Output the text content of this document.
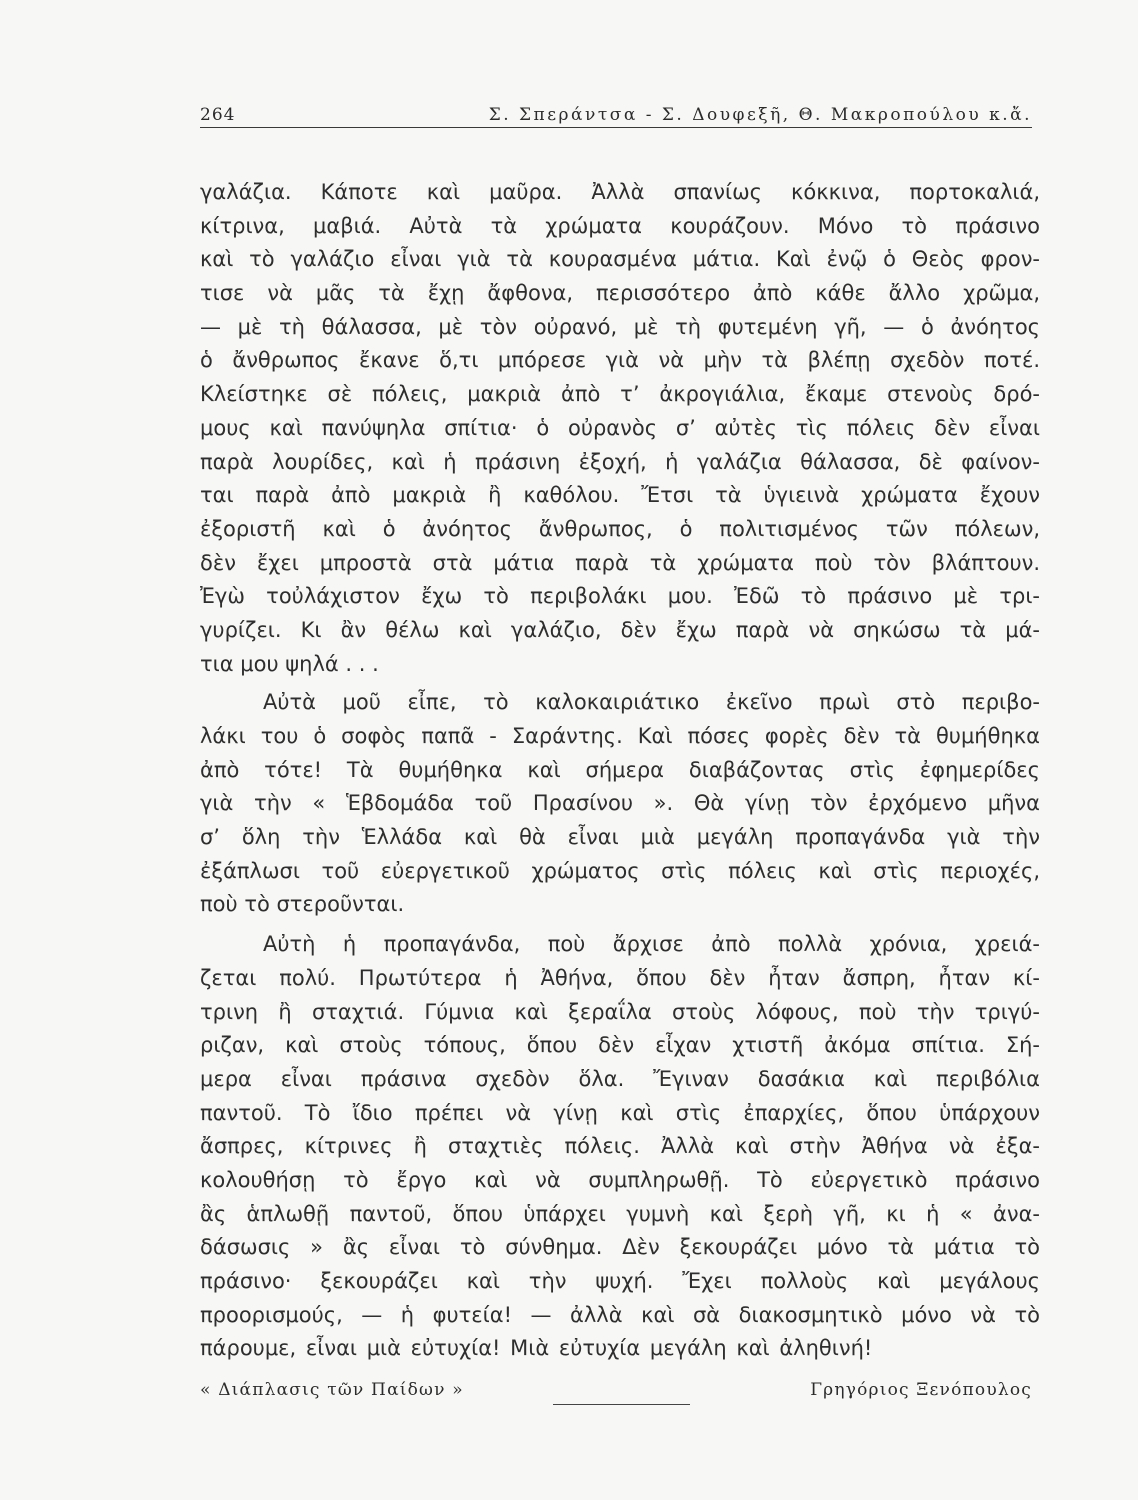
264	Σ. Σπεράντσα - Σ. Δουφεξῆ, Θ. Μακροπούλου κ.ἄ.
γαλάζια. Κάποτε καὶ μαῦρα. Ἀλλὰ σπανίως κόκκινα, πορτοκαλιά,
κίτρινα, μαβιά. Αὐτὰ τὰ χρώματα κουράζουν. Μόνο τὸ πράσινο
καὶ τὸ γαλάζιο εἶναι γιὰ τὰ κουρασμένα μάτια. Καὶ ἐνῷ ὁ Θεὸς φρον-
τισε νὰ μᾶς τὰ ἔχῃ ἄφθονα, περισσότερο ἀπὸ κάθε ἄλλο χρῶμα,
— μὲ τὴ θάλασσα, μὲ τὸν οὐρανό, μὲ τὴ φυτεμένη γῆ, — ὁ ἀνόητος
ὁ ἄνθρωπος ἔκανε ὅ,τι μπόρεσε γιὰ νὰ μὴν τὰ βλέπῃ σχεδὸν ποτέ.
Κλείστηκε σὲ πόλεις, μακριὰ ἀπὸ τ’ ἀκρογιάλια, ἔκαμε στενοὺς δρό-
μους καὶ πανύψηλα σπίτια· ὁ οὐρανὸς σ’ αὐτὲς τὶς πόλεις δὲν εἶναι
παρὰ λουρίδες, καὶ ἡ πράσινη ἐξοχή, ἡ γαλάζια θάλασσα, δὲ φαίνον-
ται παρὰ ἀπὸ μακριὰ ἢ καθόλου. Ἔτσι τὰ ὑγιεινὰ χρώματα ἔχουν
ἐξοριστῆ καὶ ὁ ἀνόητος ἄνθρωπος, ὁ πολιτισμένος τῶν πόλεων,
δὲν ἔχει μπροστὰ στὰ μάτια παρὰ τὰ χρώματα ποὺ τὸν βλάπτουν.
Ἐγὼ τοὐλάχιστον ἔχω τὸ περιβολάκι μου. Ἐδῶ τὸ πράσινο μὲ τρι-
γυρίζει. Κι ἂν θέλω καὶ γαλάζιο, δὲν ἔχω παρὰ νὰ σηκώσω τὰ μά-
τια μου ψηλά . . .
Αὐτὰ μοῦ εἶπε, τὸ καλοκαιριάτικο ἐκεῖνο πρωὶ στὸ περιβο-
λάκι του ὁ σοφὸς παπᾶ - Σαράντης. Καὶ πόσες φορὲς δὲν τὰ θυμήθηκα
ἀπὸ τότε! Τὰ θυμήθηκα καὶ σήμερα διαβάζοντας στὶς ἐφημερίδες
γιὰ τὴν « Ἑβδομάδα τοῦ Πρασίνου ». Θὰ γίνῃ τὸν ἐρχόμενο μῆνα
σ’ ὅλη τὴν Ἑλλάδα καὶ θὰ εἶναι μιὰ μεγάλη προπαγάνδα γιὰ τὴν
ἐξάπλωσι τοῦ εὐεργετικοῦ χρώματος στὶς πόλεις καὶ στὶς περιοχές,
ποὺ τὸ στεροῦνται.
Αὐτὴ ἡ προπαγάνδα, ποὺ ἄρχισε ἀπὸ πολλὰ χρόνια, χρειά-
ζεται πολύ. Πρωτύτερα ἡ Ἀθήνα, ὅπου δὲν ἦταν ἄσπρη, ἦταν κί-
τρινη ἢ σταχτιά. Γύμνια καὶ ξεραΐλα στοὺς λόφους, ποὺ τὴν τριγύ-
ριζαν, καὶ στοὺς τόπους, ὅπου δὲν εἶχαν χτιστῆ ἀκόμα σπίτια. Σή-
μερα εἶναι πράσινα σχεδὸν ὅλα. Ἔγιναν δασάκια καὶ περιβόλια
παντοῦ. Τὸ ἴδιο πρέπει νὰ γίνῃ καὶ στὶς ἐπαρχίες, ὅπου ὑπάρχουν
ἄσπρες, κίτρινες ἢ σταχτιὲς πόλεις. Ἀλλὰ καὶ στὴν Ἀθήνα νὰ ἐξα-
κολουθήσῃ τὸ ἔργο καὶ νὰ συμπληρωθῇ. Τὸ εὐεργετικὸ πράσινο
ἂς ἁπλωθῇ παντοῦ, ὅπου ὑπάρχει γυμνὴ καὶ ξερὴ γῆ, κι ἡ « ἀνα-
δάσωσις » ἂς εἶναι τὸ σύνθημα. Δὲν ξεκουράζει μόνο τὰ μάτια τὸ
πράσινο· ξεκουράζει καὶ τὴν ψυχή. Ἔχει πολλοὺς καὶ μεγάλους
προορισμούς, — ἡ φυτεία! — ἀλλὰ καὶ σὰ διακοσμητικὸ μόνο νὰ τὸ
πάρουμε, εἶναι μιὰ εὐτυχία! Μιὰ εὐτυχία μεγάλη καὶ ἀληθινή!
« Διάπλασις τῶν Παίδων »	Γρηγόριος Ξενόπουλος
